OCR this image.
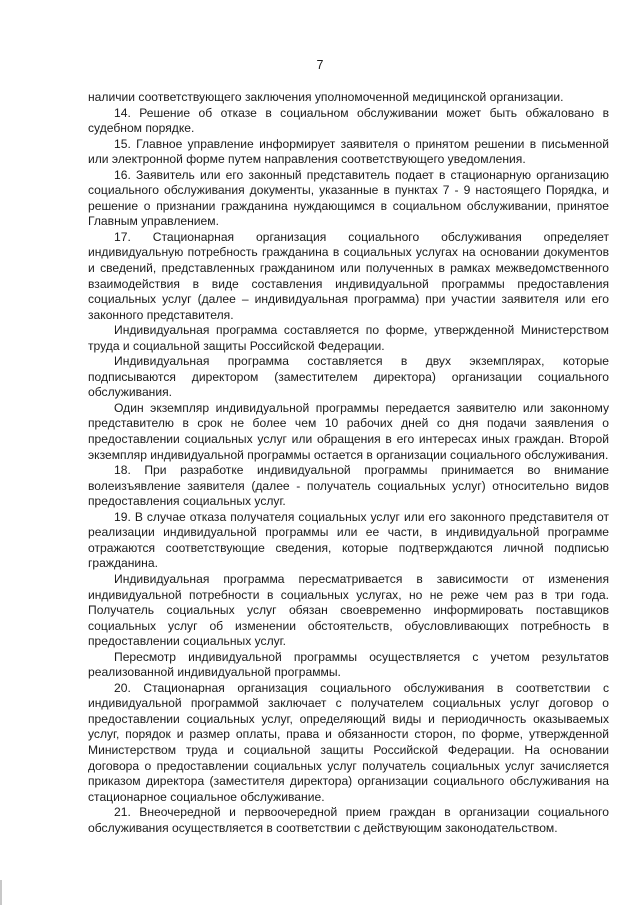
7

наличии соответствующего заключения уполномоченной медицинской организации.

14. Решение об отказе в социальном обслуживании может быть обжаловано в судебном порядке.

15. Главное управление информирует заявителя о принятом решении в письменной или электронной форме путем направления соответствующего уведомления.

16. Заявитель или его законный представитель подает в стационарную организацию социального обслуживания документы, указанные в пунктах 7 - 9 настоящего Порядка, и решение о признании гражданина нуждающимся в социальном обслуживании, принятое Главным управлением.

17. Стационарная организация социального обслуживания определяет индивидуальную потребность гражданина в социальных услугах на основании документов и сведений, представленных гражданином или полученных в рамках межведомственного взаимодействия в виде составления индивидуальной программы предоставления социальных услуг (далее – индивидуальная программа) при участии заявителя или его законного представителя.

Индивидуальная программа составляется по форме, утвержденной Министерством труда и социальной защиты Российской Федерации.

Индивидуальная программа составляется в двух экземплярах, которые подписываются директором (заместителем директора) организации социального обслуживания.

Один экземпляр индивидуальной программы передается заявителю или законному представителю в срок не более чем 10 рабочих дней со дня подачи заявления о предоставлении социальных услуг или обращения в его интересах иных граждан. Второй экземпляр индивидуальной программы остается в организации социального обслуживания.

18. При разработке индивидуальной программы принимается во внимание волеизъявление заявителя (далее - получатель социальных услуг) относительно видов предоставления социальных услуг.

19. В случае отказа получателя социальных услуг или его законного представителя от реализации индивидуальной программы или ее части, в индивидуальной программе отражаются соответствующие сведения, которые подтверждаются личной подписью гражданина.

Индивидуальная программа пересматривается в зависимости от изменения индивидуальной потребности в социальных услугах, но не реже чем раз в три года. Получатель социальных услуг обязан своевременно информировать поставщиков социальных услуг об изменении обстоятельств, обусловливающих потребность в предоставлении социальных услуг.

Пересмотр индивидуальной программы осуществляется с учетом результатов реализованной индивидуальной программы.

20. Стационарная организация социального обслуживания в соответствии с индивидуальной программой заключает с получателем социальных услуг договор о предоставлении социальных услуг, определяющий виды и периодичность оказываемых услуг, порядок и размер оплаты, права и обязанности сторон, по форме, утвержденной Министерством труда и социальной защиты Российской Федерации. На основании договора о предоставлении социальных услуг получатель социальных услуг зачисляется приказом директора (заместителя директора) организации социального обслуживания на стационарное социальное обслуживание.

21. Внеочередной и первоочередной прием граждан в организации социального обслуживания осуществляется в соответствии с действующим законодательством.
